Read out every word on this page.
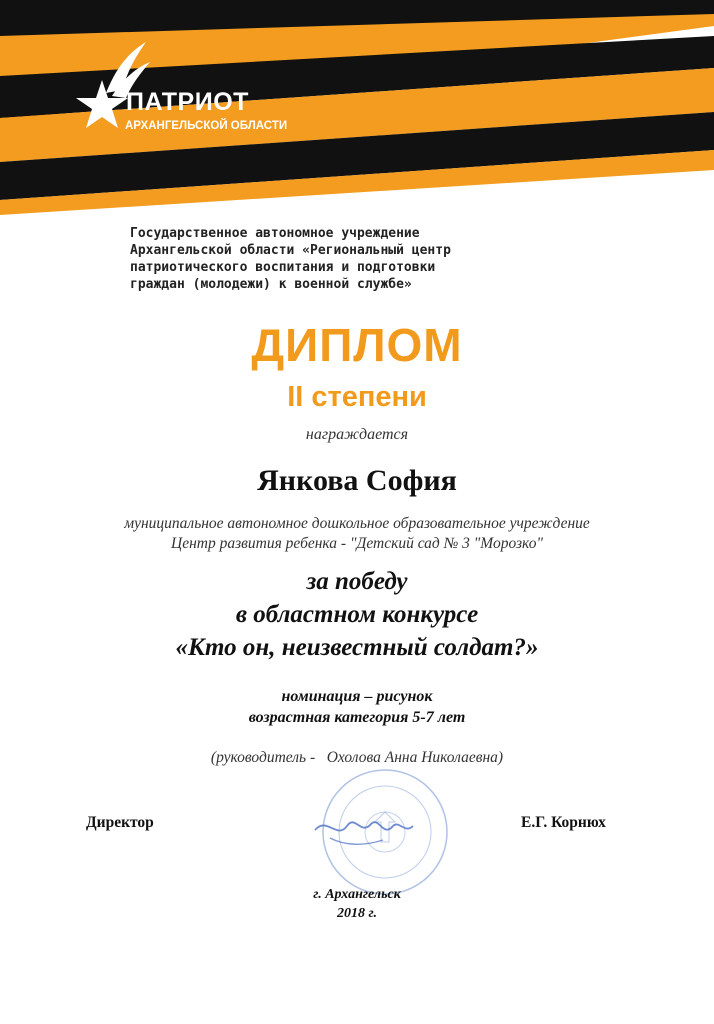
ПАТРИОТ
АРХАНГЕЛЬСКОЙ ОБЛАСТИ
Государственное автономное учреждение
Архангельской области «Региональный центр
патриотического воспитания и подготовки
граждан (молодежи) к военной службе»
ДИПЛОМ
II степени
награждается
Янкова София
муниципальное автономное дошкольное образовательное учреждение
Центр развития ребенка - "Детский сад № 3 "Морозко"
за победу
в областном конкурсе
«Кто он, неизвестный солдат?»
номинация – рисунок
возрастная категория 5-7 лет
(руководитель -   Охолова Анна Николаевна)
Директор	Е.Г. Корнюх
г. Архангельск
2018 г.
